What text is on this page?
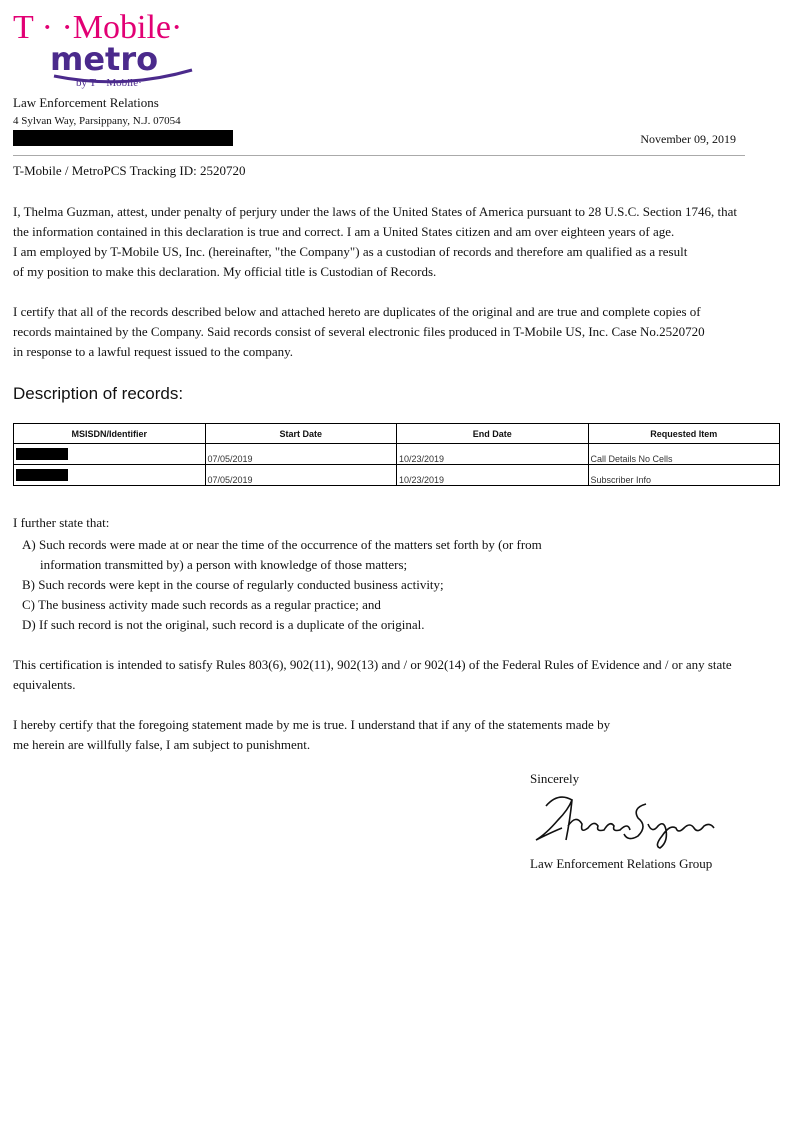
T · ·Mobile·
metro
by T· ·Mobile·
Law Enforcement Relations
4 Sylvan Way, Parsippany, N.J. 07054
November 09, 2019
T-Mobile / MetroPCS Tracking ID: 2520720
I, Thelma Guzman, attest, under penalty of perjury under the laws of the United States of America pursuant to 28 U.S.C. Section 1746, that
the information contained in this declaration is true and correct. I am a United States citizen and am over eighteen years of age.
I am employed by T-Mobile US, Inc. (hereinafter, "the Company") as a custodian of records and therefore am qualified as a result
of my position to make this declaration. My official title is Custodian of Records.
I certify that all of the records described below and attached hereto are duplicates of the original and are true and complete copies of
records maintained by the Company. Said records consist of several electronic files produced in T-Mobile US, Inc. Case No.2520720
in response to a lawful request issued to the company.
Description of records:
MSISDN/Identifier	Start Date	End Date	Requested Item
	07/05/2019	10/23/2019	Call Details No Cells
	07/05/2019	10/23/2019	Subscriber Info
I further state that:
A) Such records were made at or near the time of the occurrence of the matters set forth by (or from
information transmitted by) a person with knowledge of those matters;
B) Such records were kept in the course of regularly conducted business activity;
C) The business activity made such records as a regular practice; and
D) If such record is not the original, such record is a duplicate of the original.
This certification is intended to satisfy Rules 803(6), 902(11), 902(13) and / or 902(14) of the Federal Rules of Evidence and / or any state
equivalents.
I hereby certify that the foregoing statement made by me is true. I understand that if any of the statements made by
me herein are willfully false, I am subject to punishment.
Sincerely
Law Enforcement Relations Group
